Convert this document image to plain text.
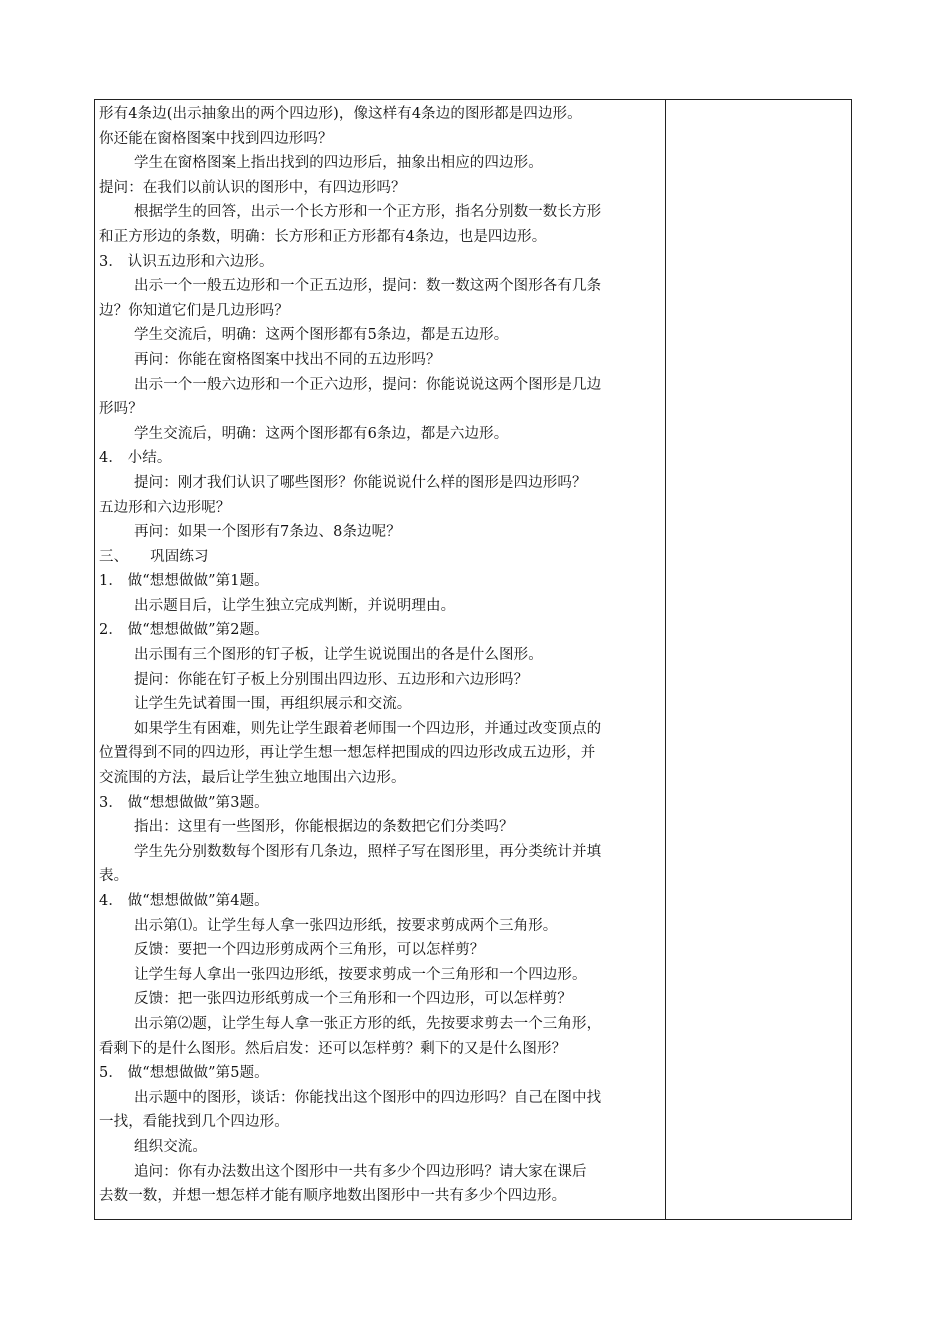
形有4条边(出示抽象出的两个四边形)，像这样有4条边的图形都是四边形。
你还能在窗格图案中找到四边形吗？
学生在窗格图案上指出找到的四边形后，抽象出相应的四边形。
提问：在我们以前认识的图形中，有四边形吗？
根据学生的回答，出示一个长方形和一个正方形，指名分别数一数长方形
和正方形边的条数，明确：长方形和正方形都有4条边，也是四边形。
3． 认识五边形和六边形。
出示一个一般五边形和一个正五边形，提问：数一数这两个图形各有几条
边？你知道它们是几边形吗？
学生交流后，明确：这两个图形都有5条边，都是五边形。
再问：你能在窗格图案中找出不同的五边形吗？
出示一个一般六边形和一个正六边形，提问：你能说说这两个图形是几边
形吗？
学生交流后，明确：这两个图形都有6条边，都是六边形。
4． 小结。
提问：刚才我们认识了哪些图形？你能说说什么样的图形是四边形吗？
五边形和六边形呢？
再问：如果一个图形有7条边、8条边呢？
三、　　巩固练习
1． 做“想想做做”第1题。
出示题目后，让学生独立完成判断，并说明理由。
2． 做“想想做做”第2题。
出示围有三个图形的钉子板，让学生说说围出的各是什么图形。
提问：你能在钉子板上分别围出四边形、五边形和六边形吗？
让学生先试着围一围，再组织展示和交流。
如果学生有困难，则先让学生跟着老师围一个四边形，并通过改变顶点的
位置得到不同的四边形，再让学生想一想怎样把围成的四边形改成五边形，并
交流围的方法，最后让学生独立地围出六边形。
3． 做“想想做做”第3题。
指出：这里有一些图形，你能根据边的条数把它们分类吗？
学生先分别数数每个图形有几条边，照样子写在图形里，再分类统计并填
表。
4． 做“想想做做”第4题。
出示第⑴。让学生每人拿一张四边形纸，按要求剪成两个三角形。
反馈：要把一个四边形剪成两个三角形，可以怎样剪？
让学生每人拿出一张四边形纸，按要求剪成一个三角形和一个四边形。
反馈：把一张四边形纸剪成一个三角形和一个四边形，可以怎样剪？
出示第⑵题，让学生每人拿一张正方形的纸，先按要求剪去一个三角形，
看剩下的是什么图形。然后启发：还可以怎样剪？剩下的又是什么图形？
5． 做“想想做做”第5题。
出示题中的图形，谈话：你能找出这个图形中的四边形吗？自己在图中找
一找，看能找到几个四边形。
组织交流。
追问：你有办法数出这个图形中一共有多少个四边形吗？请大家在课后
去数一数，并想一想怎样才能有顺序地数出图形中一共有多少个四边形。
